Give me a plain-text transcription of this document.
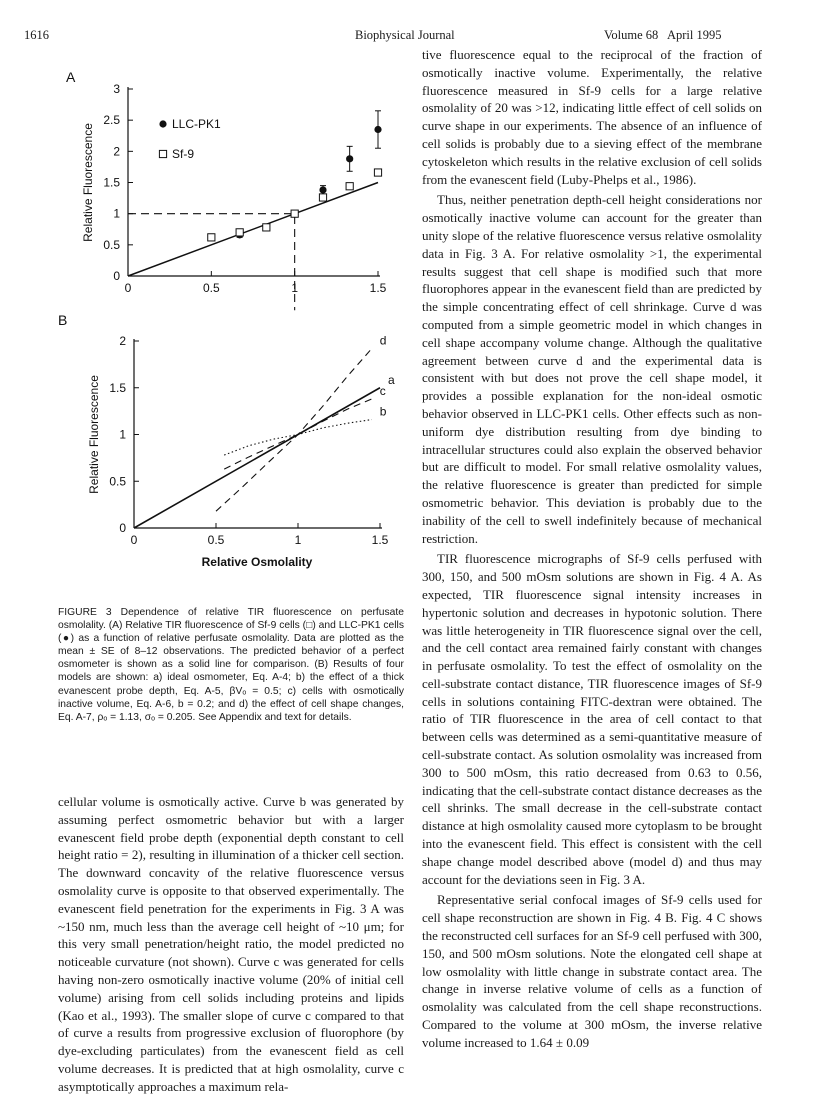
1616	Biophysical Journal	Volume 68   April 1995
A
B
0
0.5
1
1.5
2
2.5
3
0	0.5	1	1.5
Relative Fluorescence	LLC-PK1
Sf-9
0
0.5
1
1.5
2
0	0.5	1	1.5
Relative Fluorescence
Relative Osmolality
a
b
c
d
FIGURE 3 Dependence of relative TIR fluorescence on perfusate osmolality. (A) Relative TIR fluorescence of Sf-9 cells (□) and LLC-PK1 cells (●) as a function of relative perfusate osmolality. Data are plotted as the mean ± SE of 8–12 observations. The predicted behavior of a perfect osmometer is shown as a solid line for comparison. (B) Results of four models are shown: a) ideal osmometer, Eq. A-4; b) the effect of a thick evanescent probe depth, Eq. A-5, βVₒ = 0.5; c) cells with osmotically inactive volume, Eq. A-6, b = 0.2; and d) the effect of cell shape changes, Eq. A-7, ρₒ = 1.13, σₒ = 0.205. See Appendix and text for details.

cellular volume is osmotically active. Curve b was generated by assuming perfect osmometric behavior but with a larger evanescent field probe depth (exponential depth constant to cell height ratio = 2), resulting in illumination of a thicker cell section. The downward concavity of the relative fluorescence versus osmolality curve is opposite to that observed experimentally. The evanescent field penetration for the experiments in Fig. 3 A was ~150 nm, much less than the average cell height of ~10 μm; for this very small penetration/height ratio, the model predicted no noticeable curvature (not shown). Curve c was generated for cells having non-zero osmotically inactive volume (20% of initial cell volume) arising from cell solids including proteins and lipids (Kao et al., 1993). The smaller slope of curve c compared to that of curve a results from progressive exclusion of fluorophore (by dye-excluding particulates) from the evanescent field as cell volume decreases. It is predicted that at high osmolality, curve c asymptotically approaches a maximum rela-

tive fluorescence equal to the reciprocal of the fraction of osmotically inactive volume. Experimentally, the relative fluorescence measured in Sf-9 cells for a large relative osmolality of 20 was >12, indicating little effect of cell solids on curve shape in our experiments. The absence of an influence of cell solids is probably due to a sieving effect of the membrane cytoskeleton which results in the relative exclusion of cell solids from the evanescent field (Luby-Phelps et al., 1986).

Thus, neither penetration depth-cell height considerations nor osmotically inactive volume can account for the greater than unity slope of the relative fluorescence versus relative osmolality data in Fig. 3 A. For relative osmolality >1, the experimental results suggest that cell shape is modified such that more fluorophores appear in the evanescent field than are predicted by the simple concentrating effect of cell shrinkage. Curve d was computed from a simple geometric model in which changes in cell shape accompany volume change. Although the qualitative agreement between curve d and the experimental data is consistent with but does not prove the cell shape model, it provides a possible explanation for the non-ideal osmotic behavior observed in LLC-PK1 cells. Other effects such as non-uniform dye distribution resulting from dye binding to intracellular structures could also explain the observed behavior but are difficult to model. For small relative osmolality values, the relative fluorescence is greater than predicted for simple osmometric behavior. This deviation is probably due to the inability of the cell to swell indefinitely because of mechanical restriction.

TIR fluorescence micrographs of Sf-9 cells perfused with 300, 150, and 500 mOsm solutions are shown in Fig. 4 A. As expected, TIR fluorescence signal intensity increases in hypertonic solution and decreases in hypotonic solution. There was little heterogeneity in TIR fluorescence signal over the cell, and the cell contact area remained fairly constant with changes in perfusate osmolality. To test the effect of osmolality on the cell-substrate contact distance, TIR fluorescence images of Sf-9 cells in solutions containing FITC-dextran were obtained. The ratio of TIR fluorescence in the area of cell contact to that between cells was determined as a semi-quantitative measure of cell-substrate contact. As solution osmolality was increased from 300 to 500 mOsm, this ratio decreased from 0.63 to 0.56, indicating that the cell-substrate contact distance decreases as the cell shrinks. The small decrease in the cell-substrate contact distance at high osmolality caused more cytoplasm to be brought into the evanescent field. This effect is consistent with the cell shape change model described above (model d) and thus may account for the deviations seen in Fig. 3 A.

Representative serial confocal images of Sf-9 cells used for cell shape reconstruction are shown in Fig. 4 B. Fig. 4 C shows the reconstructed cell surfaces for an Sf-9 cell perfused with 300, 150, and 500 mOsm solutions. Note the elongated cell shape at low osmolality with little change in substrate contact area. The change in inverse relative volume of cells as a function of osmolality was calculated from the cell shape reconstructions. Compared to the volume at 300 mOsm, the inverse relative volume increased to 1.64 ± 0.09
